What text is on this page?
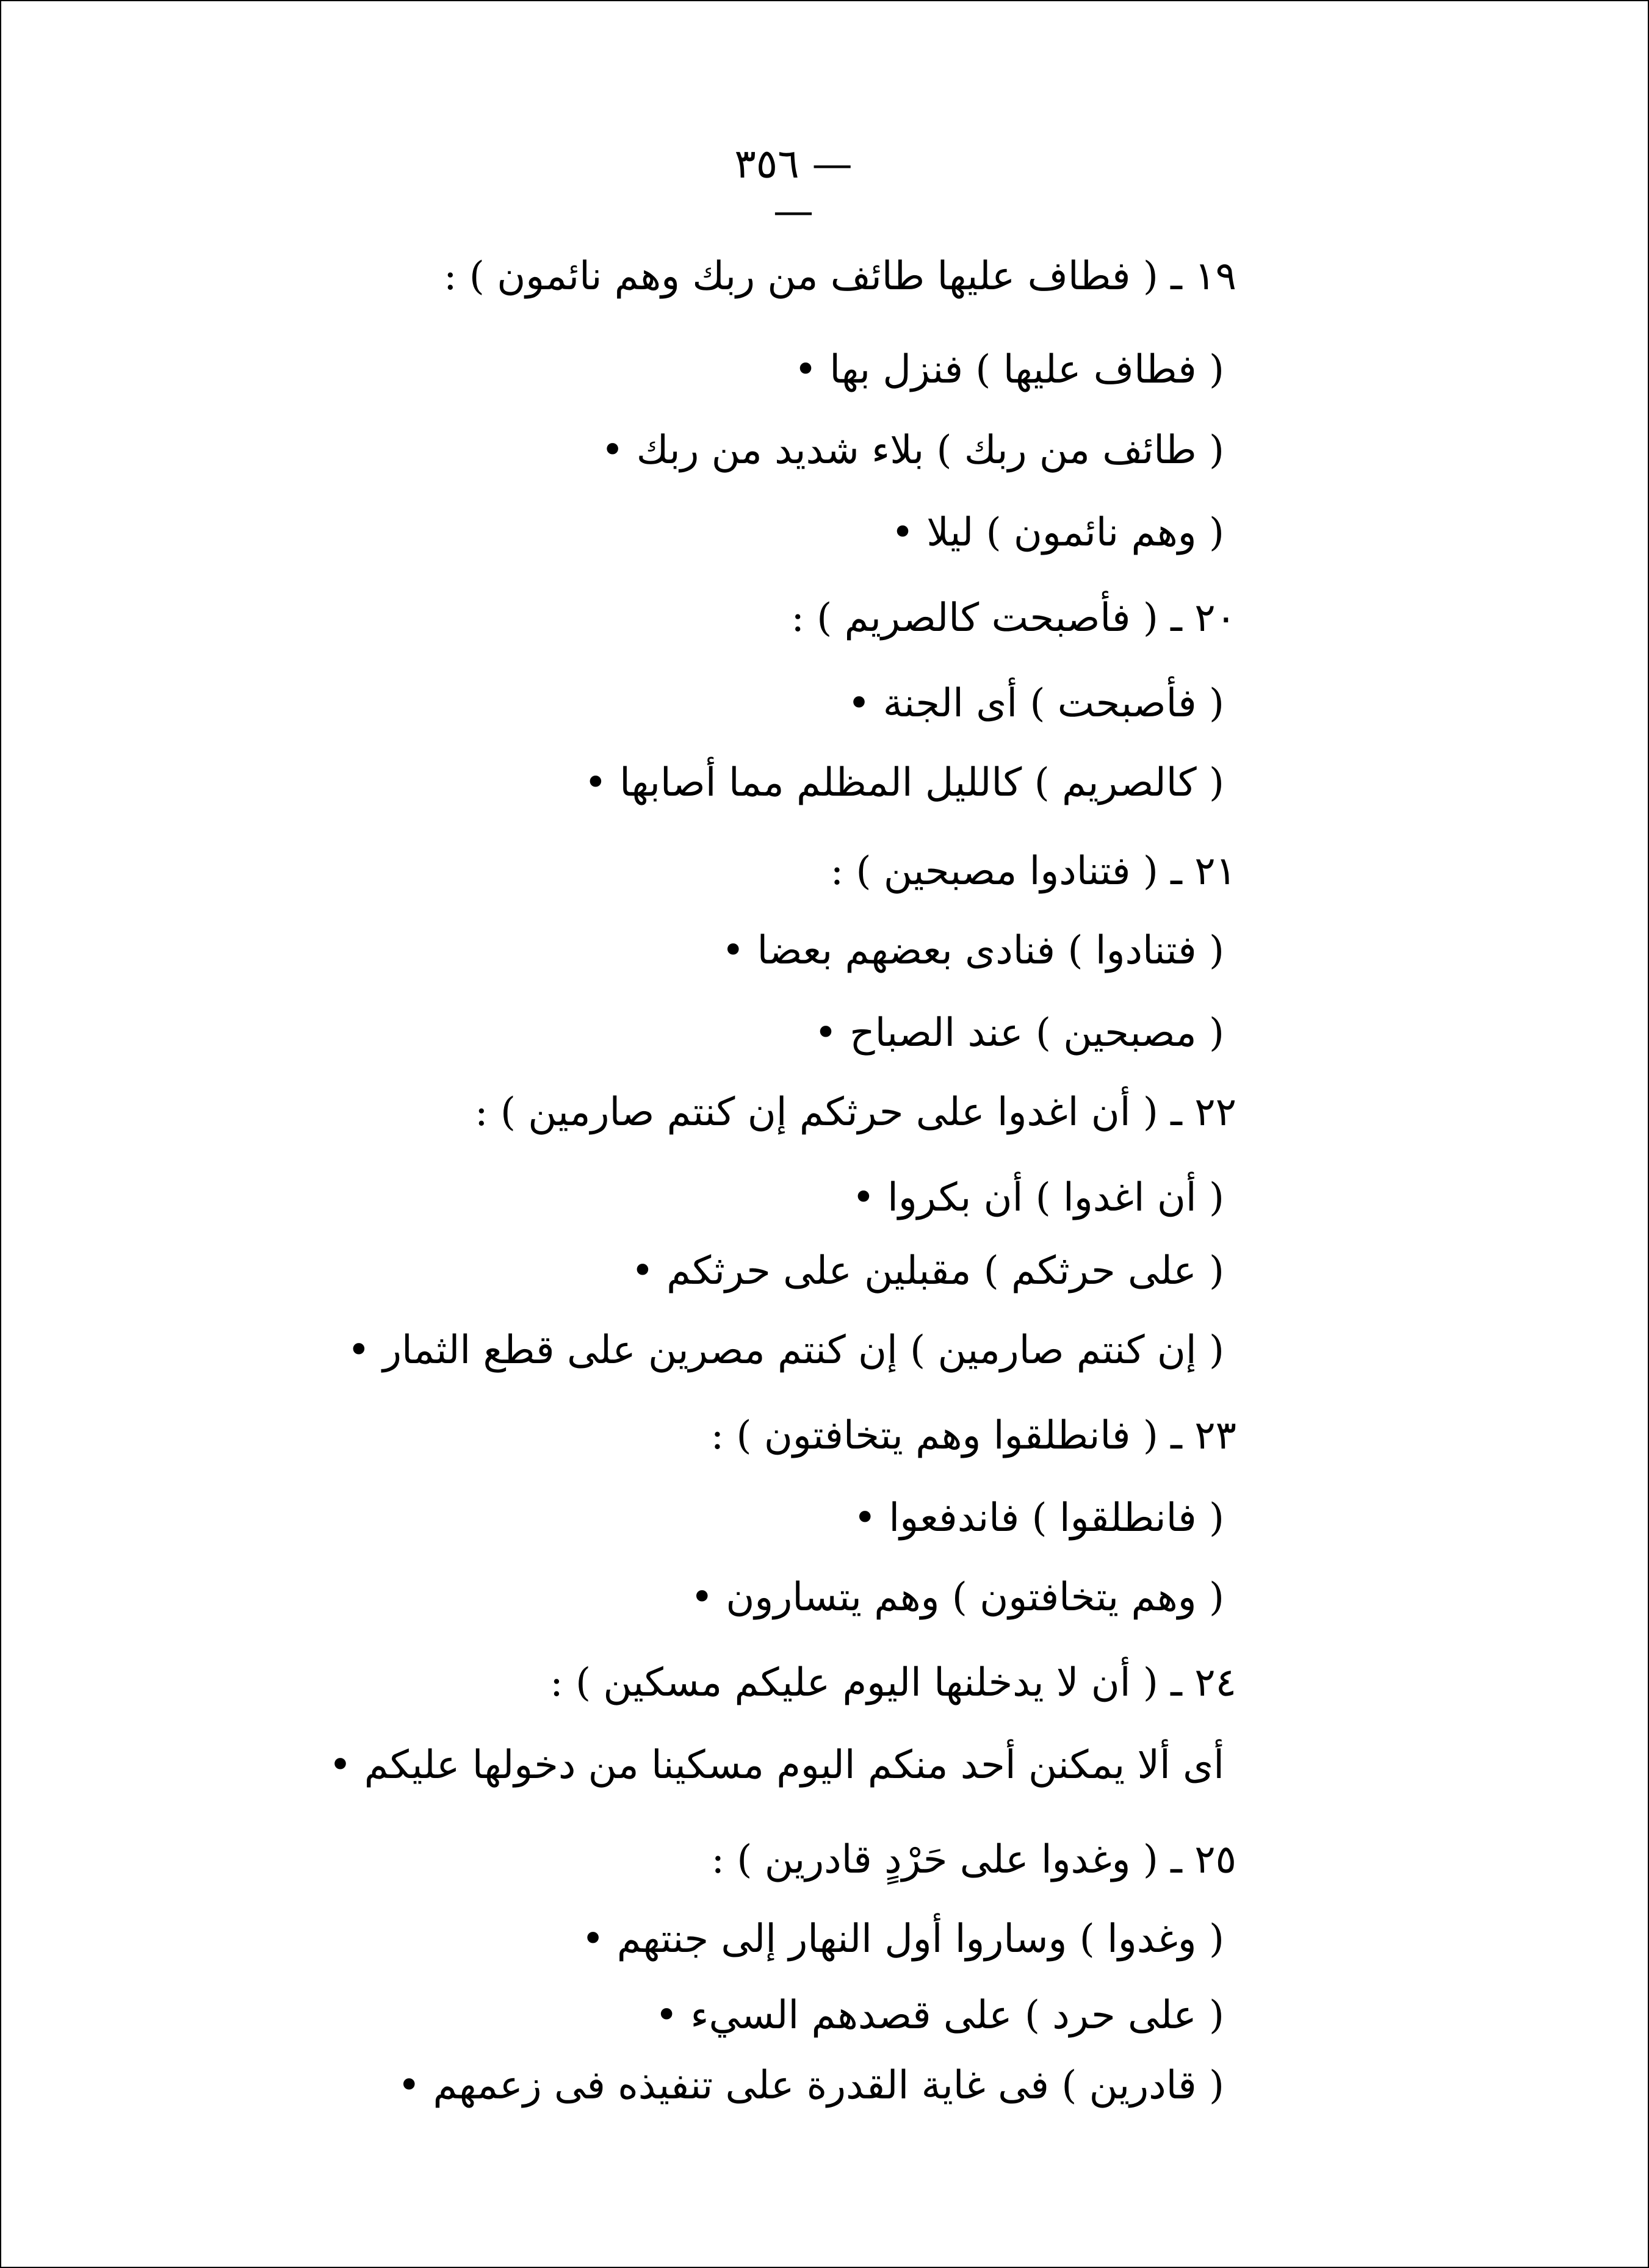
— ٣٥٦ —
١٩ ـ ( فطاف عليها طائف من ربك وهم نائمون ) :
( فطاف عليها ) فنزل بها •
( طائف من ربك ) بلاء شديد من ربك •
( وهم نائمون ) ليلا •
٢٠ ـ ( فأصبحت كالصريم ) :
( فأصبحت ) أى الجنة •
( كالصريم ) كالليل المظلم مما أصابها •
٢١ ـ ( فتنادوا مصبحين ) :
( فتنادوا ) فنادى بعضهم بعضا •
( مصبحين ) عند الصباح •
٢٢ ـ ( أن اغدوا على حرثكم إن كنتم صارمين ) :
( أن اغدوا ) أن بكروا •
( على حرثكم ) مقبلين على حرثكم •
( إن كنتم صارمين ) إن كنتم مصرين على قطع الثمار •
٢٣ ـ ( فانطلقوا وهم يتخافتون ) :
( فانطلقوا ) فاندفعوا •
( وهم يتخافتون ) وهم يتسارون •
٢٤ ـ ( أن لا يدخلنها اليوم عليكم مسكين ) :
أى ألا يمكنن أحد منكم اليوم مسكينا من دخولها عليكم •
٢٥ ـ ( وغدوا على حَرْدٍ قادرين ) :
( وغدوا ) وساروا أول النهار إلى جنتهم •
( على حرد ) على قصدهم السيء •
( قادرين ) فى غاية القدرة على تنفيذه فى زعمهم •
